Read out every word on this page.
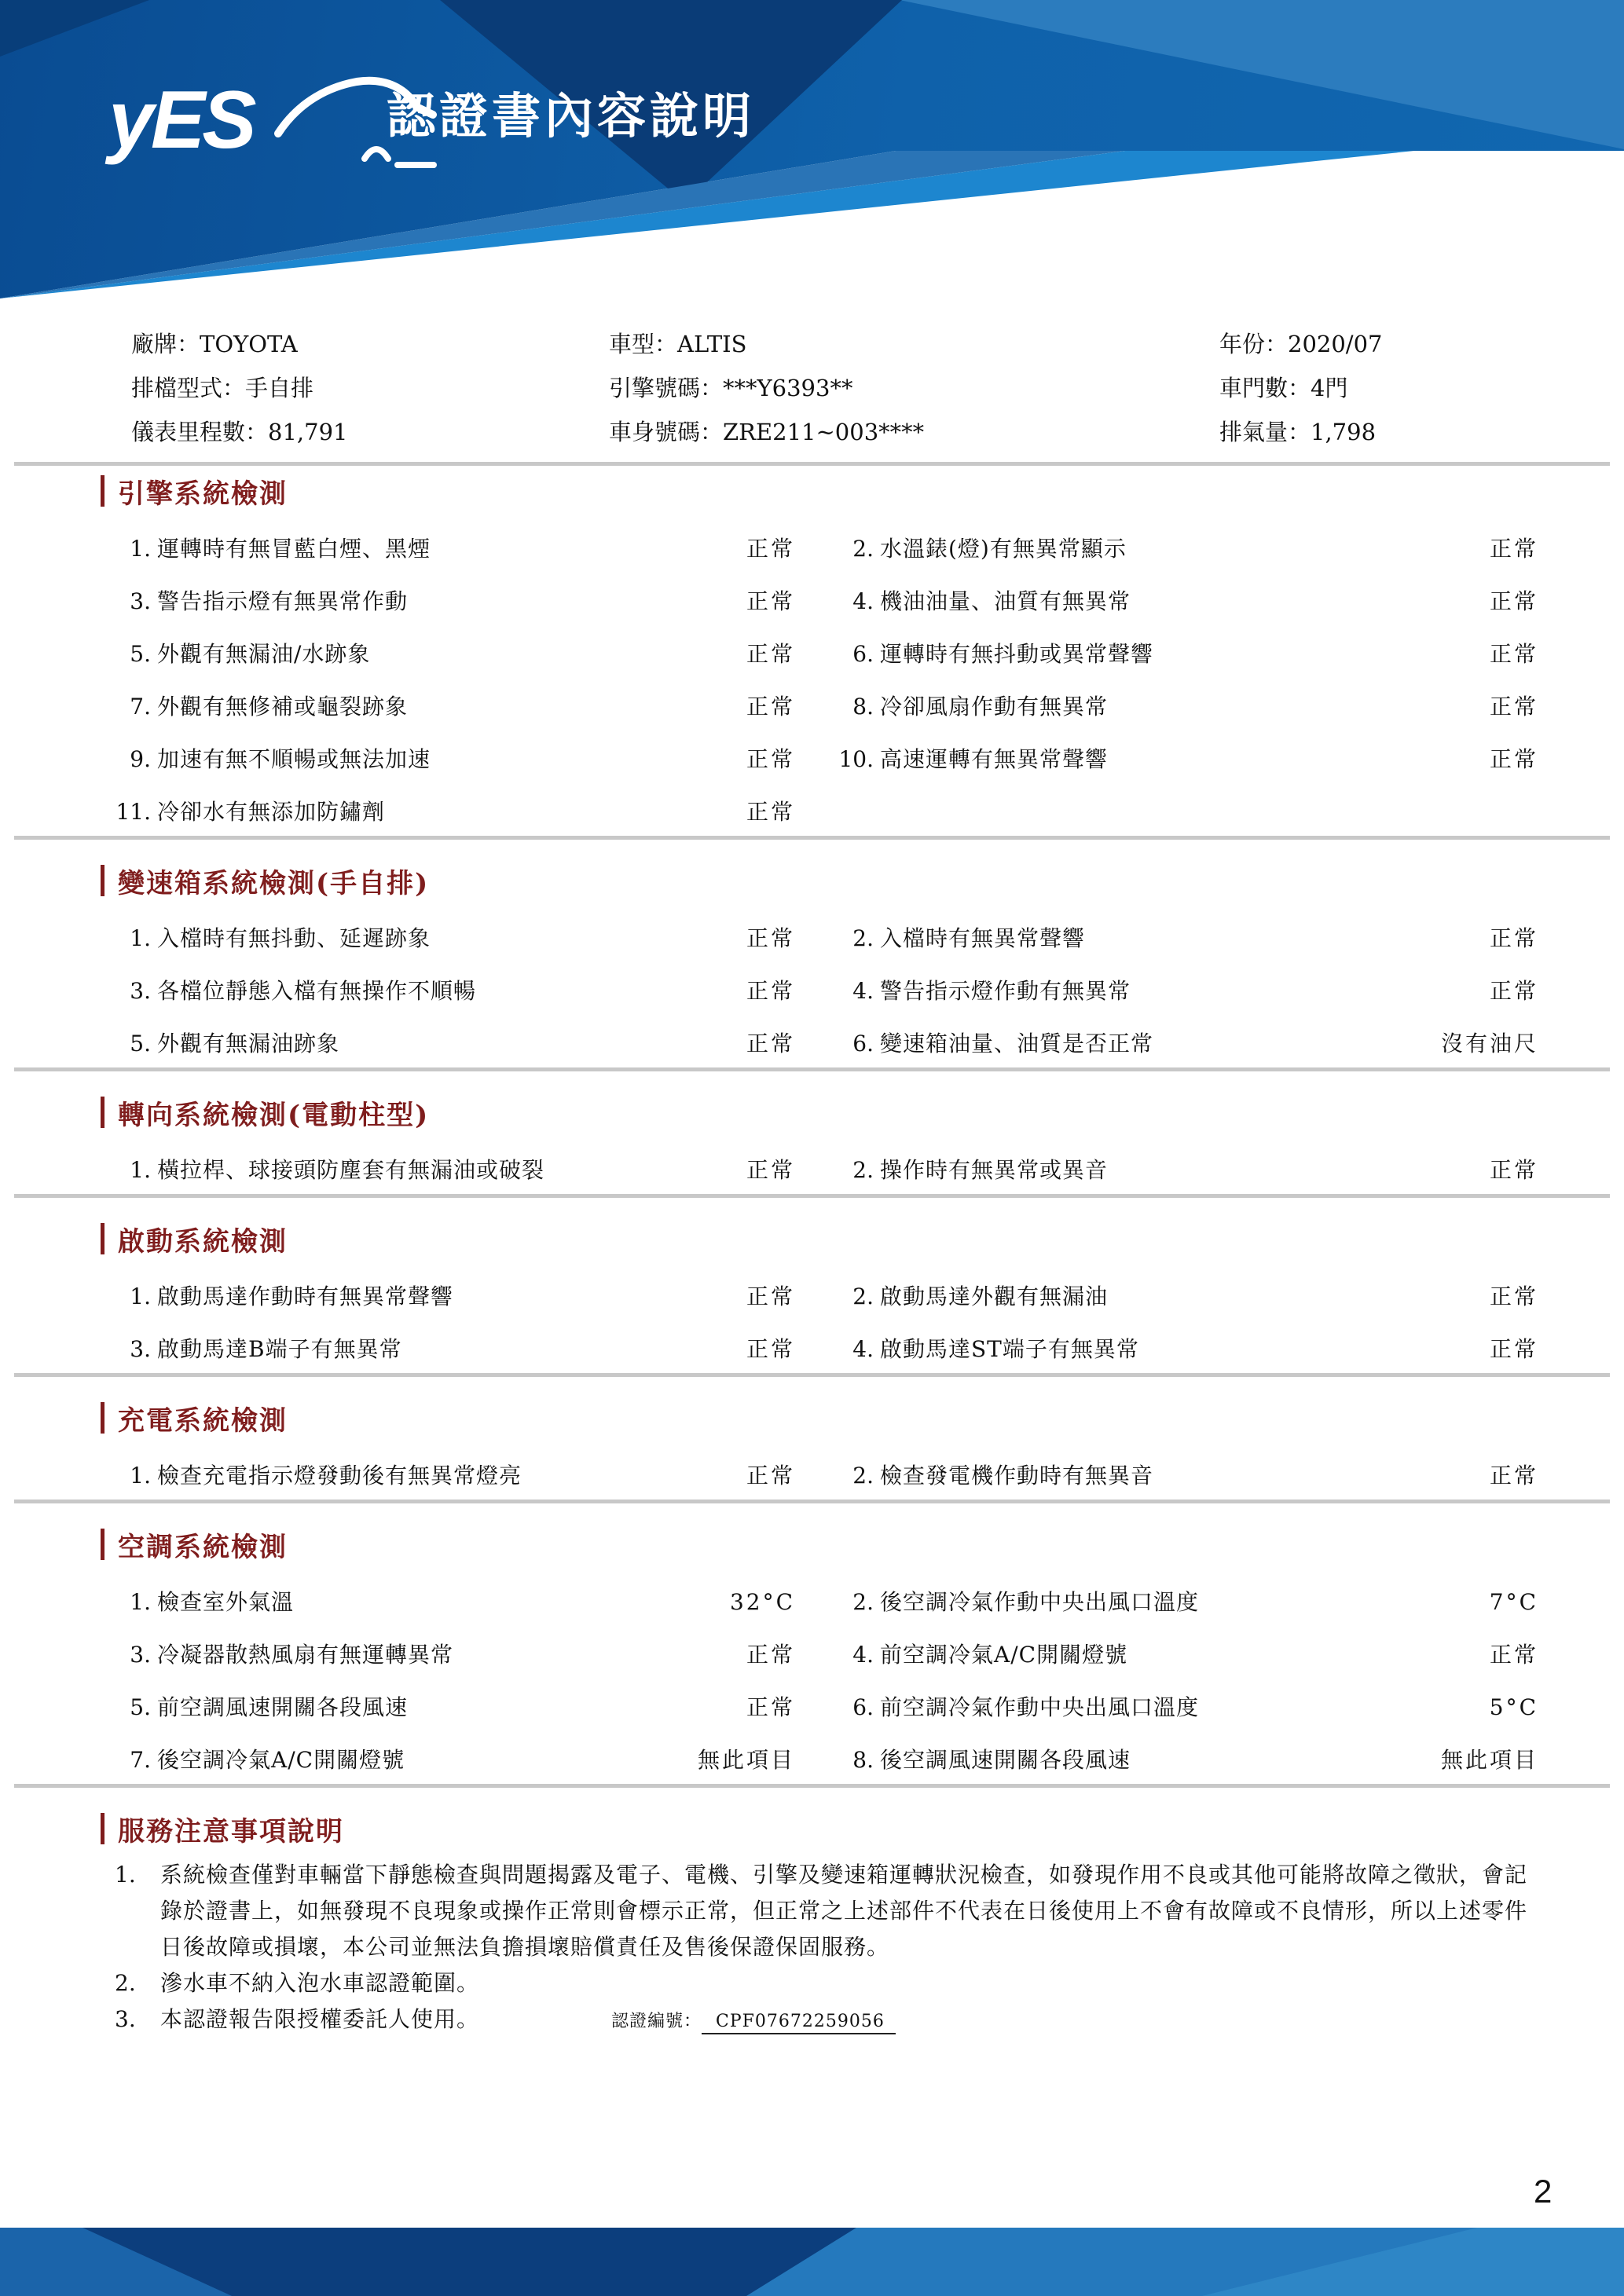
yES	認證書內容說明
廠牌：TOYOTA	車型：ALTIS	年份：2020/07
排檔型式：手自排	引擎號碼：***Y6393**	車門數：4門
儀表里程數：81,791	車身號碼：ZRE211~003****	排氣量：1,798
引擎系統檢測
1. 運轉時有無冒藍白煙、黑煙	正常	2. 水溫錶(燈)有無異常顯示	正常
3. 警告指示燈有無異常作動	正常	4. 機油油量、油質有無異常	正常
5. 外觀有無漏油/水跡象	正常	6. 運轉時有無抖動或異常聲響	正常
7. 外觀有無修補或龜裂跡象	正常	8. 冷卻風扇作動有無異常	正常
9. 加速有無不順暢或無法加速	正常	10. 高速運轉有無異常聲響	正常
11. 冷卻水有無添加防鏽劑	正常
變速箱系統檢測(手自排)
1. 入檔時有無抖動、延遲跡象	正常	2. 入檔時有無異常聲響	正常
3. 各檔位靜態入檔有無操作不順暢	正常	4. 警告指示燈作動有無異常	正常
5. 外觀有無漏油跡象	正常	6. 變速箱油量、油質是否正常	沒有油尺
轉向系統檢測(電動柱型)
1. 橫拉桿、球接頭防塵套有無漏油或破裂	正常	2. 操作時有無異常或異音	正常
啟動系統檢測
1. 啟動馬達作動時有無異常聲響	正常	2. 啟動馬達外觀有無漏油	正常
3. 啟動馬達B端子有無異常	正常	4. 啟動馬達ST端子有無異常	正常
充電系統檢測
1. 檢查充電指示燈發動後有無異常燈亮	正常	2. 檢查發電機作動時有無異音	正常
空調系統檢測
1. 檢查室外氣溫	32°C	2. 後空調冷氣作動中央出風口溫度	7°C
3. 冷凝器散熱風扇有無運轉異常	正常	4. 前空調冷氣A/C開關燈號	正常
5. 前空調風速開關各段風速	正常	6. 前空調冷氣作動中央出風口溫度	5°C
7. 後空調冷氣A/C開關燈號	無此項目	8. 後空調風速開關各段風速	無此項目
服務注意事項說明
1.	系統檢查僅對車輛當下靜態檢查與問題揭露及電子、電機、引擎及變速箱運轉狀況檢查，如發現作用不良或其他可能將故障之徵狀，會記錄於證書上，如無發現不良現象或操作正常則會標示正常，但正常之上述部件不代表在日後使用上不會有故障或不良情形，所以上述零件日後故障或損壞，本公司並無法負擔損壞賠償責任及售後保證保固服務。
2.	滲水車不納入泡水車認證範圍。
3.	本認證報告限授權委託人使用。	認證編號： CPF07672259056
2
